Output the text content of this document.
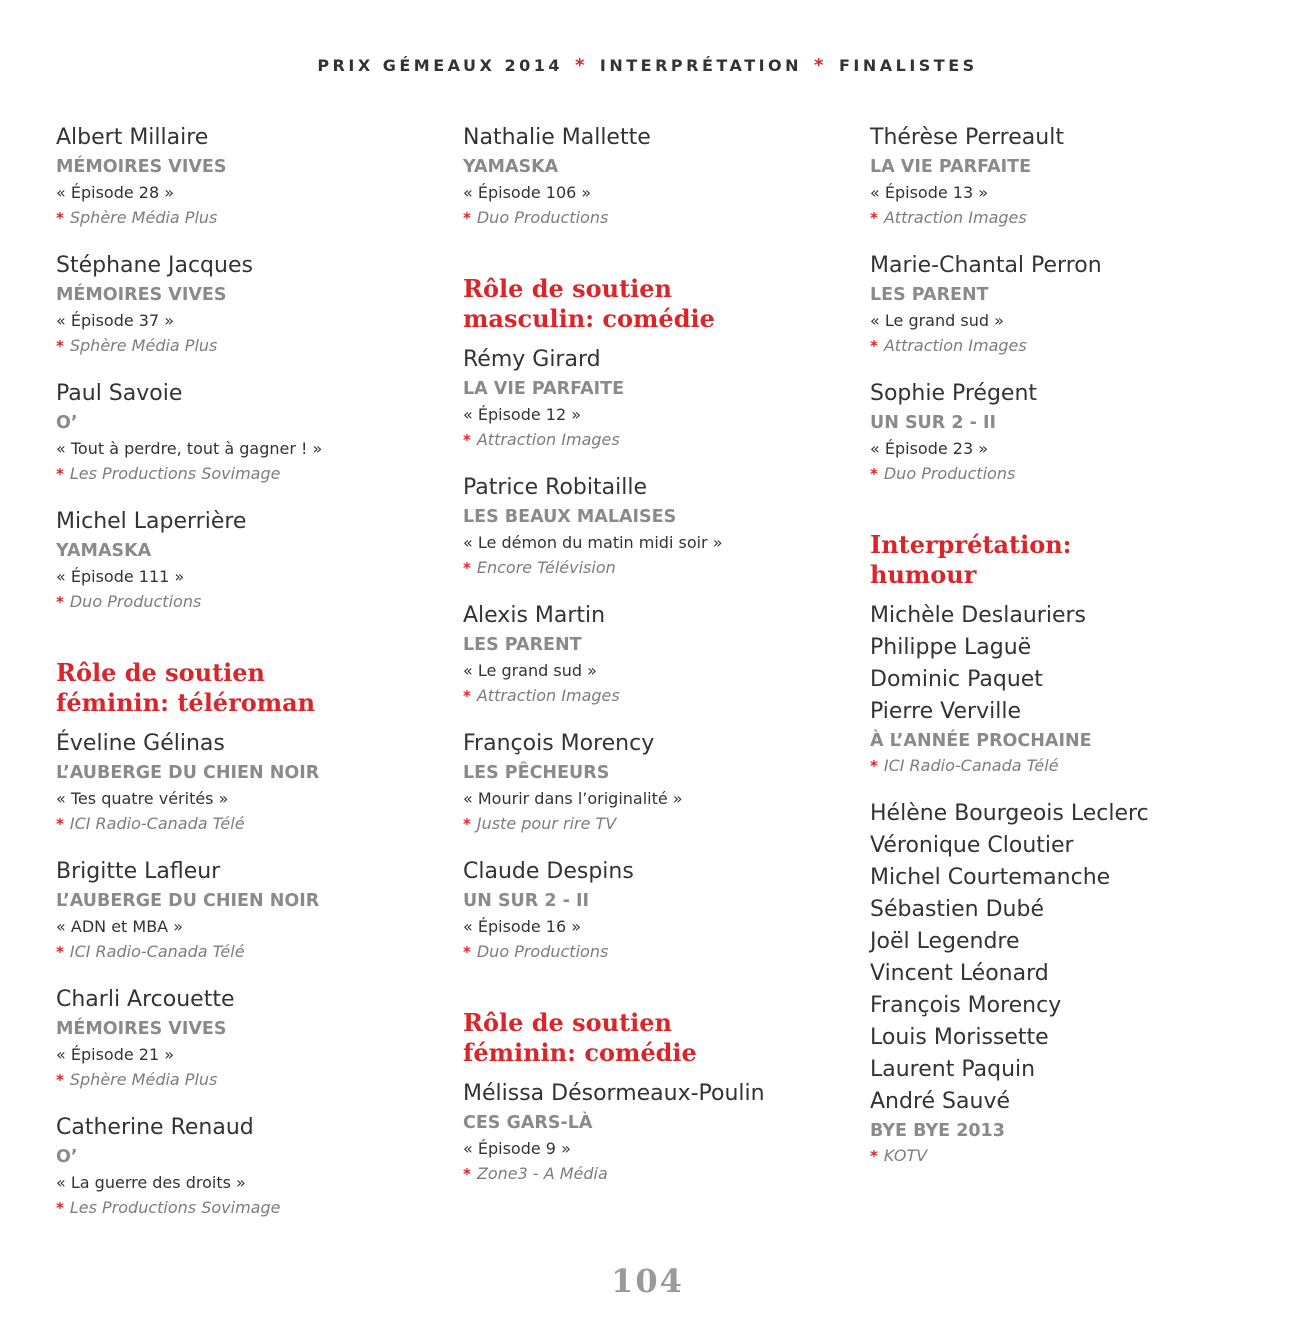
PRIX GÉMEAUX 2014 * INTERPRÉTATION * FINALISTES
Albert Millaire
MÉMOIRES VIVES
« Épisode 28 »
* Sphère Média Plus
Stéphane Jacques
MÉMOIRES VIVES
« Épisode 37 »
* Sphère Média Plus
Paul Savoie
O’
« Tout à perdre, tout à gagner ! »
* Les Productions Sovimage
Michel Laperrière
YAMASKA
« Épisode 111 »
* Duo Productions
Rôle de soutien
féminin: téléroman
Éveline Gélinas
L’AUBERGE DU CHIEN NOIR
« Tes quatre vérités »
* ICI Radio-Canada Télé
Brigitte Lafleur
L’AUBERGE DU CHIEN NOIR
« ADN et MBA »
* ICI Radio-Canada Télé
Charli Arcouette
MÉMOIRES VIVES
« Épisode 21 »
* Sphère Média Plus
Catherine Renaud
O’
« La guerre des droits »
* Les Productions Sovimage
Nathalie Mallette
YAMASKA
« Épisode 106 »
* Duo Productions
Rôle de soutien
masculin: comédie
Rémy Girard
LA VIE PARFAITE
« Épisode 12 »
* Attraction Images
Patrice Robitaille
LES BEAUX MALAISES
« Le démon du matin midi soir »
* Encore Télévision
Alexis Martin
LES PARENT
« Le grand sud »
* Attraction Images
François Morency
LES PÊCHEURS
« Mourir dans l’originalité »
* Juste pour rire TV
Claude Despins
UN SUR 2 - II
« Épisode 16 »
* Duo Productions
Rôle de soutien
féminin: comédie
Mélissa Désormeaux-Poulin
CES GARS-LÀ
« Épisode 9 »
* Zone3 - A Média
Thérèse Perreault
LA VIE PARFAITE
« Épisode 13 »
* Attraction Images
Marie-Chantal Perron
LES PARENT
« Le grand sud »
* Attraction Images
Sophie Prégent
UN SUR 2 - II
« Épisode 23 »
* Duo Productions
Interprétation:
humour
Michèle Deslauriers
Philippe Laguë
Dominic Paquet
Pierre Verville
À L’ANNÉE PROCHAINE
* ICI Radio-Canada Télé
Hélène Bourgeois Leclerc
Véronique Cloutier
Michel Courtemanche
Sébastien Dubé
Joël Legendre
Vincent Léonard
François Morency
Louis Morissette
Laurent Paquin
André Sauvé
BYE BYE 2013
* KOTV
104
